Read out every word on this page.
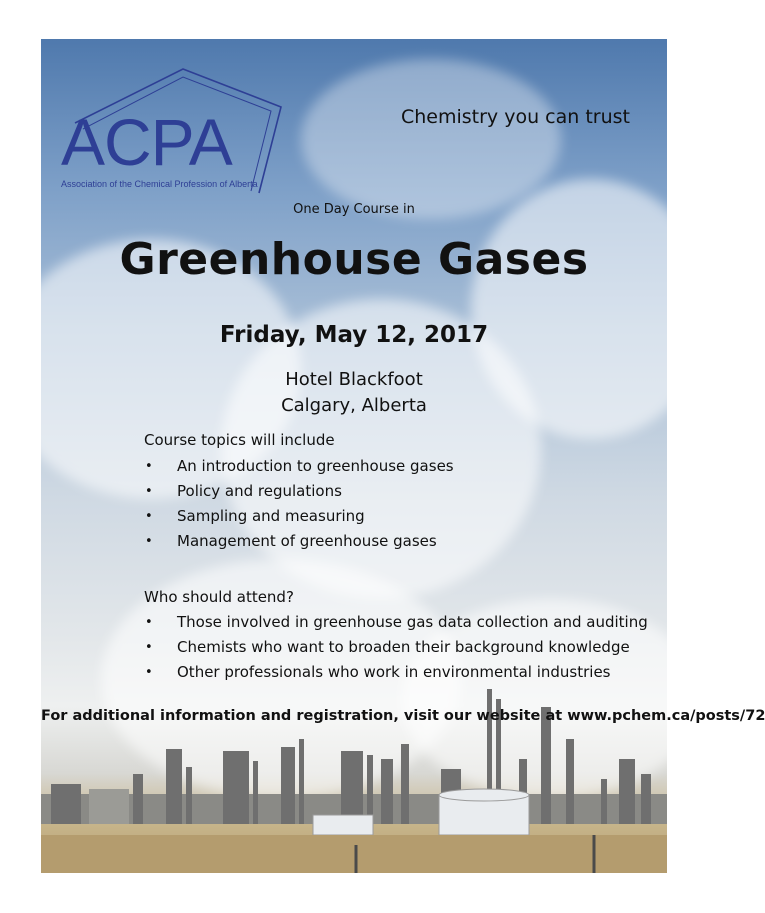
ACPA
Association of the Chemical Profession of Alberta
Chemistry you can trust
One Day Course in
Greenhouse Gases
Friday, May 12, 2017
Hotel Blackfoot
Calgary, Alberta
Course topics will include
• An introduction to greenhouse gases
• Policy and regulations
• Sampling and measuring
• Management of greenhouse gases
Who should attend?
• Those involved in greenhouse gas data collection and auditing
• Chemists who want to broaden their background knowledge
• Other professionals who work in environmental industries
For additional information and registration, visit our website at www.pchem.ca/posts/72
